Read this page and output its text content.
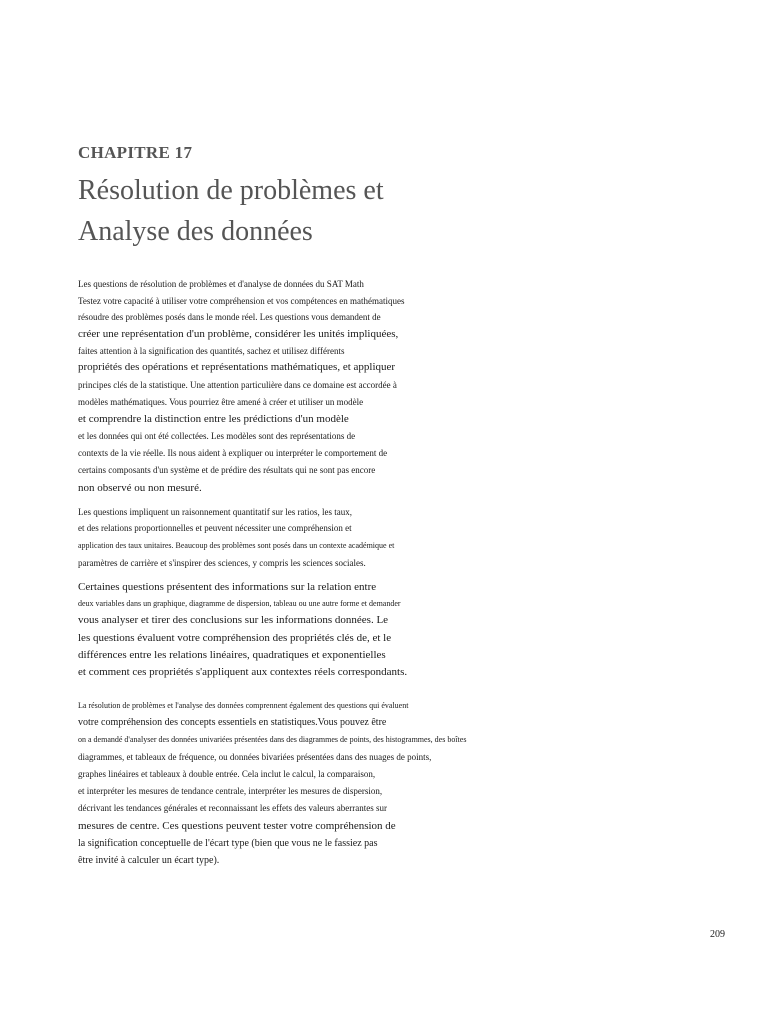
CHAPITRE 17
Résolution de problèmes et
Analyse des données
Les questions de résolution de problèmes et d'analyse de données du SAT Math
Testez votre capacité à utiliser votre compréhension et vos compétences en mathématiques
résoudre des problèmes posés dans le monde réel. Les questions vous demandent de
créer une représentation d'un problème, considérer les unités impliquées,
faites attention à la signification des quantités, sachez et utilisez différents
propriétés des opérations et représentations mathématiques, et appliquer
principes clés de la statistique. Une attention particulière dans ce domaine est accordée à
modèles mathématiques. Vous pourriez être amené à créer et utiliser un modèle
et comprendre la distinction entre les prédictions d'un modèle
et les données qui ont été collectées. Les modèles sont des représentations de
contexts de la vie réelle. Ils nous aident à expliquer ou interpréter le comportement de
certains composants d'un système et de prédire des résultats qui ne sont pas encore
non observé ou non mesuré.
Les questions impliquent un raisonnement quantitatif sur les ratios, les taux,
et des relations proportionnelles et peuvent nécessiter une compréhension et
application des taux unitaires. Beaucoup des problèmes sont posés dans un contexte académique et
paramètres de carrière et s'inspirer des sciences, y compris les sciences sociales.
Certaines questions présentent des informations sur la relation entre
deux variables dans un graphique, diagramme de dispersion, tableau ou une autre forme et demander
vous analyser et tirer des conclusions sur les informations données. Le
les questions évaluent votre compréhension des propriétés clés de, et le
différences entre les relations linéaires, quadratiques et exponentielles
et comment ces propriétés s'appliquent aux contextes réels correspondants.
La résolution de problèmes et l'analyse des données comprennent également des questions qui évaluent
votre compréhension des concepts essentiels en statistiques.Vous pouvez être
on a demandé d'analyser des données univariées présentées dans des diagrammes de points, des histogrammes, des boîtes
diagrammes, et tableaux de fréquence, ou données bivariées présentées dans des nuages de points,
graphes linéaires et tableaux à double entrée. Cela inclut le calcul, la comparaison,
et interpréter les mesures de tendance centrale, interpréter les mesures de dispersion,
décrivant les tendances générales et reconnaissant les effets des valeurs aberrantes sur
mesures de centre. Ces questions peuvent tester votre compréhension de
la signification conceptuelle de l'écart type (bien que vous ne le fassiez pas
être invité à calculer un écart type).
209
